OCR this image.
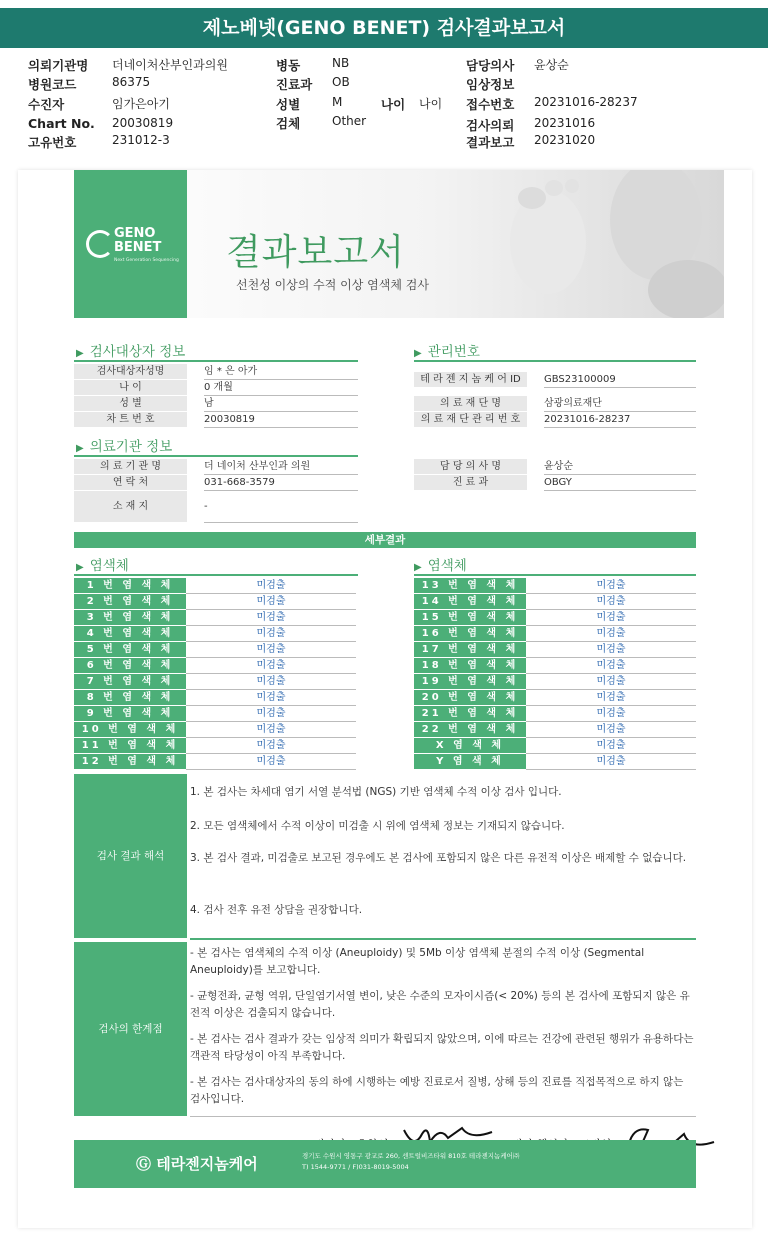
제노베넷(GENO BENET) 검사결과보고서
의뢰기관명 더네이처산부인과의원	병동	NB	담당의사 윤상순
병원코드	86375	진료과 OB	임상정보
수진자	임가은아기	성별	M	나이 나이 접수번호 20231016-28237
Chart No. 20030819	검체	Other	검사의뢰 20231016
고유번호	231012-3	결과보고 20231020
GENO
BENET
Next Generation Sequencing 결과보고서
선천성 이상의 수적 이상 염색체 검사
▶ 검사대상자 정보
검사대상자성명	임 * 은 아가
나 이	0 개월
성 별	남
차 트 번 호	20030819
▶ 관리번호
테 라 젠 지 놈 케 어 ID	GBS23100009
의 료 재 단 명	삼광의료재단
의 료 재 단 관 리 번 호	20231016-28237
▶ 의료기관 정보
의 료 기 관 명	더 네이처 산부인과 의원
연 락 처	031-668-3579
소 재 지	-
담 당 의 사 명	윤상순
진 료 과	OBGY
세부결과
▶ 염색체	▶ 염색체
1 번 염 색 체	미검출
2 번 염 색 체	미검출
3 번 염 색 체	미검출
4 번 염 색 체	미검출
5 번 염 색 체	미검출
6 번 염 색 체	미검출
7 번 염 색 체	미검출
8 번 염 색 체	미검출
9 번 염 색 체	미검출
10 번 염 색 체	미검출
11 번 염 색 체	미검출
12 번 염 색 체	미검출
13 번 염 색 체	미검출
14 번 염 색 체	미검출
15 번 염 색 체	미검출
16 번 염 색 체	미검출
17 번 염 색 체	미검출
18 번 염 색 체	미검출
19 번 염 색 체	미검출
20 번 염 색 체	미검출
21 번 염 색 체	미검출
22 번 염 색 체	미검출
X 염 색 체	미검출
Y 염 색 체	미검출
검사 결과 해석
1. 본 검사는 차세대 염기 서열 분석법 (NGS) 기반 염색체 수적 이상 검사 입니다.
2. 모든 염색체에서 수적 이상이 미검출 시 위에 염색체 정보는 기재되지 않습니다.
3. 본 검사 결과, 미검출로 보고된 경우에도 본 검사에 포함되지 않은 다른 유전적 이상은 배제할 수 없습니다.
4. 검사 전후 유전 상담을 권장합니다.
검사의 한계점
- 본 검사는 염색체의 수적 이상 (Aneuploidy) 및 5Mb 이상 염색체 분절의 수적 이상 (Segmental Aneuploidy)를 보고합니다.
- 균형전좌, 균형 역위, 단일염기서열 변이, 낮은 수준의 모자이시즘(< 20%) 등의 본 검사에 포함되지 않은 유전적 이상은 검출되지 않습니다.
- 본 검사는 검사 결과가 갖는 임상적 의미가 확립되지 않았으며, 이에 따르는 건강에 관련된 행위가 유용하다는 객관적 타당성이 아직 부족합니다.
- 본 검사는 검사대상자의 동의 하에 시행하는 예방 진료로서 질병, 상해 등의 진료를 직접목적으로 하지 않는 검사입니다.
Ⓖ 테라젠지놈케어	경기도 수원시 영통구 광교로 260, 센트럴비즈타워 810호 테라젠지놈케어㈜
T) 1544-9771 / F)031-8019-5004
